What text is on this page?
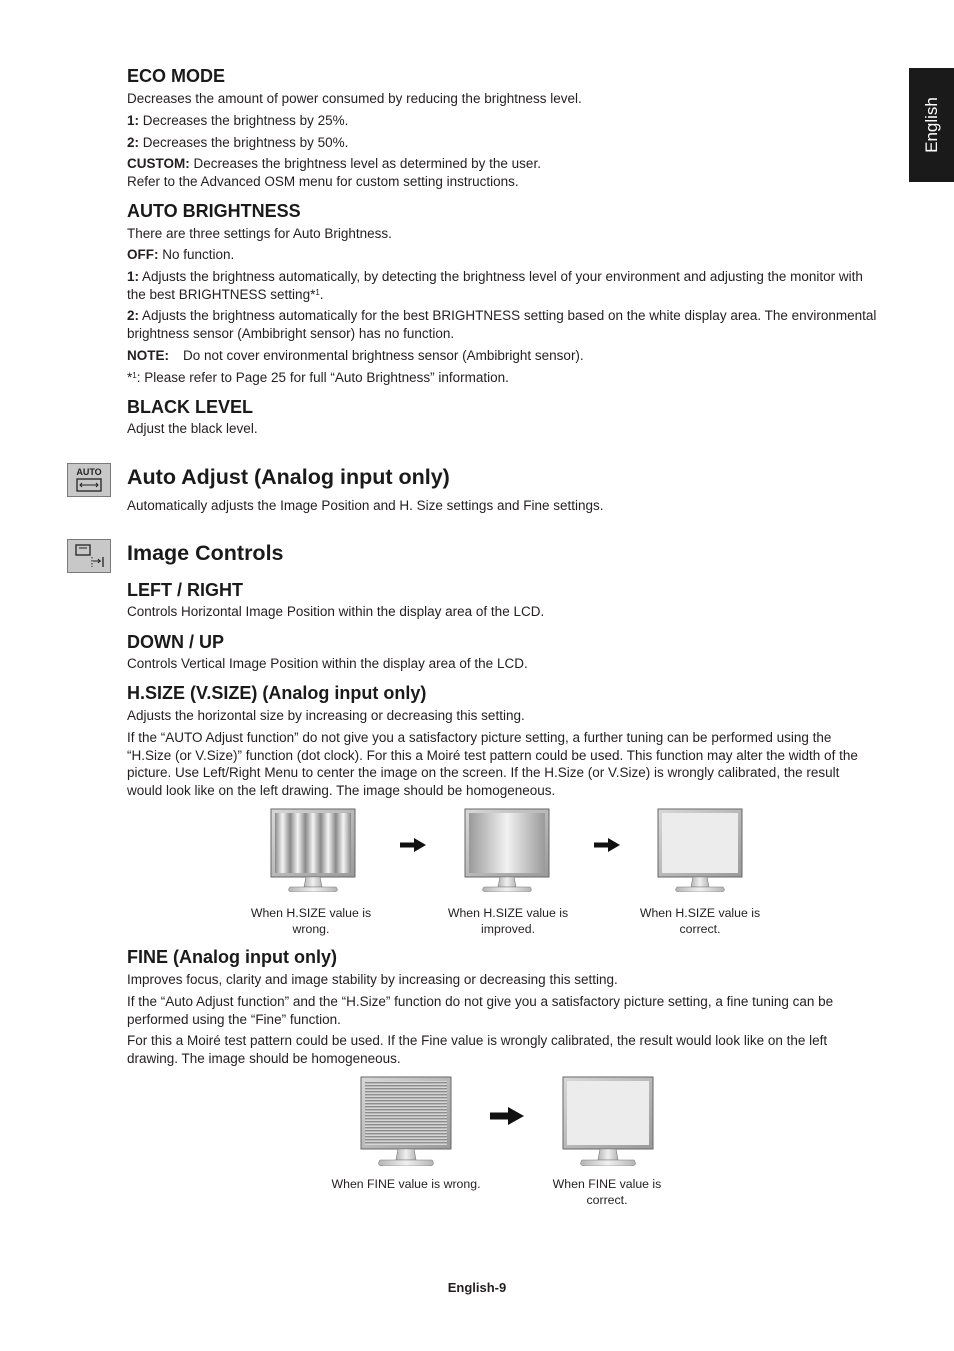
English
ECO MODE

Decreases the amount of power consumed by reducing the brightness level.

1: Decreases the brightness by 25%.

2: Decreases the brightness by 50%.

CUSTOM: Decreases the brightness level as determined by the user.
Refer to the Advanced OSM menu for custom setting instructions.

AUTO BRIGHTNESS

There are three settings for Auto Brightness.

OFF: No function.

1: Adjusts the brightness automatically, by detecting the brightness level of your environment and adjusting the monitor with the best BRIGHTNESS setting*$^1$.

2: Adjusts the brightness automatically for the best BRIGHTNESS setting based on the white display area. The environmental brightness sensor (Ambibright sensor) has no function.

NOTE: Do not cover environmental brightness sensor (Ambibright sensor).

*$^1$: Please refer to Page 25 for full “Auto Brightness” information.

BLACK LEVEL

Adjust the black level.

AUTO Auto Adjust (Analog input only)

Automatically adjusts the Image Position and H. Size settings and Fine settings.

Image Controls
LEFT / RIGHT

Controls Horizontal Image Position within the display area of the LCD.

DOWN / UP

Controls Vertical Image Position within the display area of the LCD.

H.SIZE (V.SIZE) (Analog input only)

Adjusts the horizontal size by increasing or decreasing this setting.

If the “AUTO Adjust function” do not give you a satisfactory picture setting, a further tuning can be performed using the “H.Size (or V.Size)” function (dot clock). For this a Moiré test pattern could be used. This function may alter the width of the picture. Use Left/Right Menu to center the image on the screen. If the H.Size (or V.Size) is wrongly calibrated, the result would look like on the left drawing. The image should be homogeneous.

When H.SIZE value is wrong.
When H.SIZE value is improved.
When H.SIZE value is correct.
FINE (Analog input only)

Improves focus, clarity and image stability by increasing or decreasing this setting.

If the “Auto Adjust function” and the “H.Size” function do not give you a satisfactory picture setting, a fine tuning can be performed using the “Fine” function.

For this a Moiré test pattern could be used. If the Fine value is wrongly calibrated, the result would look like on the left drawing. The image should be homogeneous.

When FINE value is wrong.	When FINE value is correct.
English-9
